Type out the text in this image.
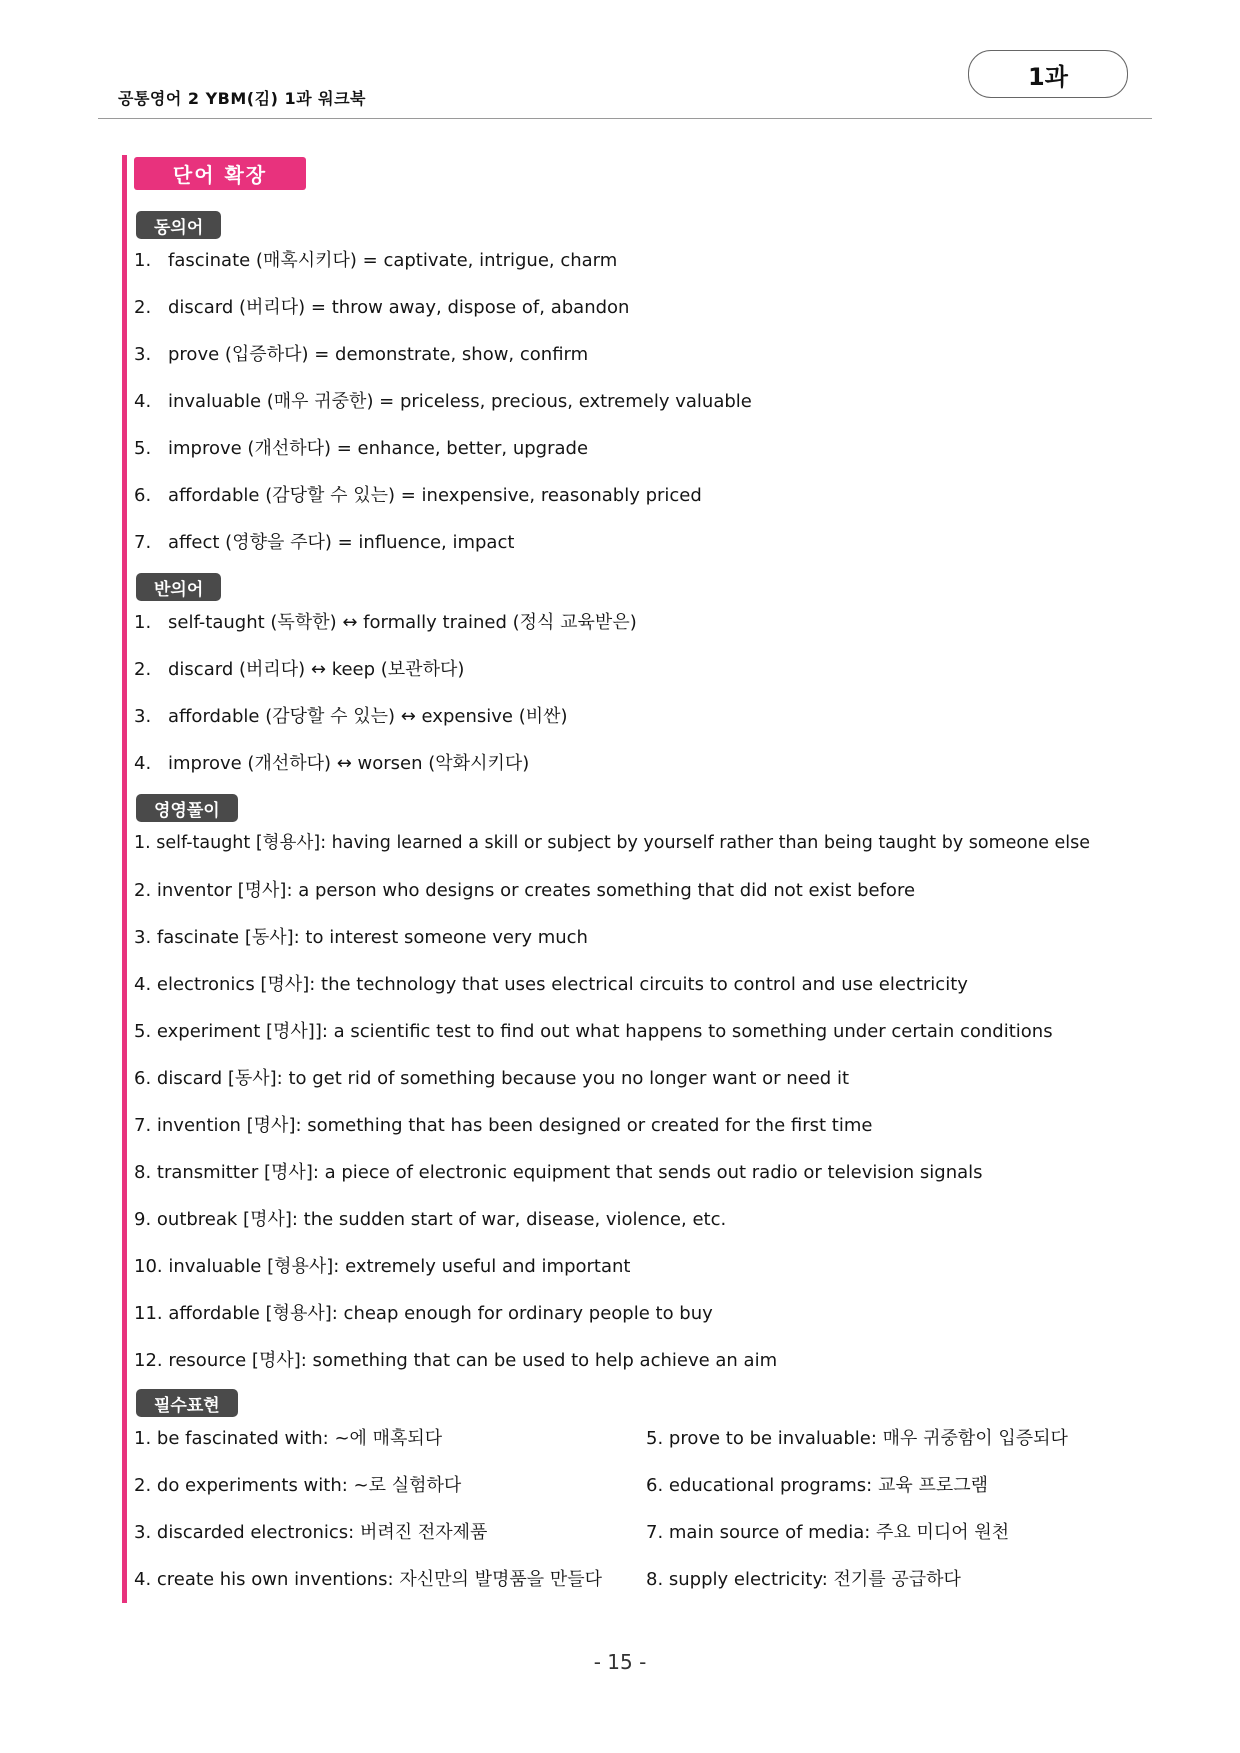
공통영어 2 YBM(김) 1과 워크북
1과
단어 확장
동의어
1. fascinate (매혹시키다) = captivate, intrigue, charm
2. discard (버리다) = throw away, dispose of, abandon
3. prove (입증하다) = demonstrate, show, confirm
4. invaluable (매우 귀중한) = priceless, precious, extremely valuable
5. improve (개선하다) = enhance, better, upgrade
6. affordable (감당할 수 있는) = inexpensive, reasonably priced
7. affect (영향을 주다) = influence, impact
반의어
1. self-taught (독학한) ↔ formally trained (정식 교육받은)
2. discard (버리다) ↔ keep (보관하다)
3. affordable (감당할 수 있는) ↔ expensive (비싼)
4. improve (개선하다) ↔ worsen (악화시키다)
영영풀이
1. self-taught [형용사]: having learned a skill or subject by yourself rather than being taught by someone else
2. inventor [명사]: a person who designs or creates something that did not exist before
3. fascinate [동사]: to interest someone very much
4. electronics [명사]: the technology that uses electrical circuits to control and use electricity
5. experiment [명사]]: a scientific test to find out what happens to something under certain conditions
6. discard [동사]: to get rid of something because you no longer want or need it
7. invention [명사]: something that has been designed or created for the first time
8. transmitter [명사]: a piece of electronic equipment that sends out radio or television signals
9. outbreak [명사]: the sudden start of war, disease, violence, etc.
10. invaluable [형용사]: extremely useful and important
11. affordable [형용사]: cheap enough for ordinary people to buy
12. resource [명사]: something that can be used to help achieve an aim
필수표현
1. be fascinated with: ~에 매혹되다
2. do experiments with: ~로 실험하다
3. discarded electronics: 버려진 전자제품
4. create his own inventions: 자신만의 발명품을 만들다
5. prove to be invaluable: 매우 귀중함이 입증되다
6. educational programs: 교육 프로그램
7. main source of media: 주요 미디어 원천
8. supply electricity: 전기를 공급하다
- 15 -
